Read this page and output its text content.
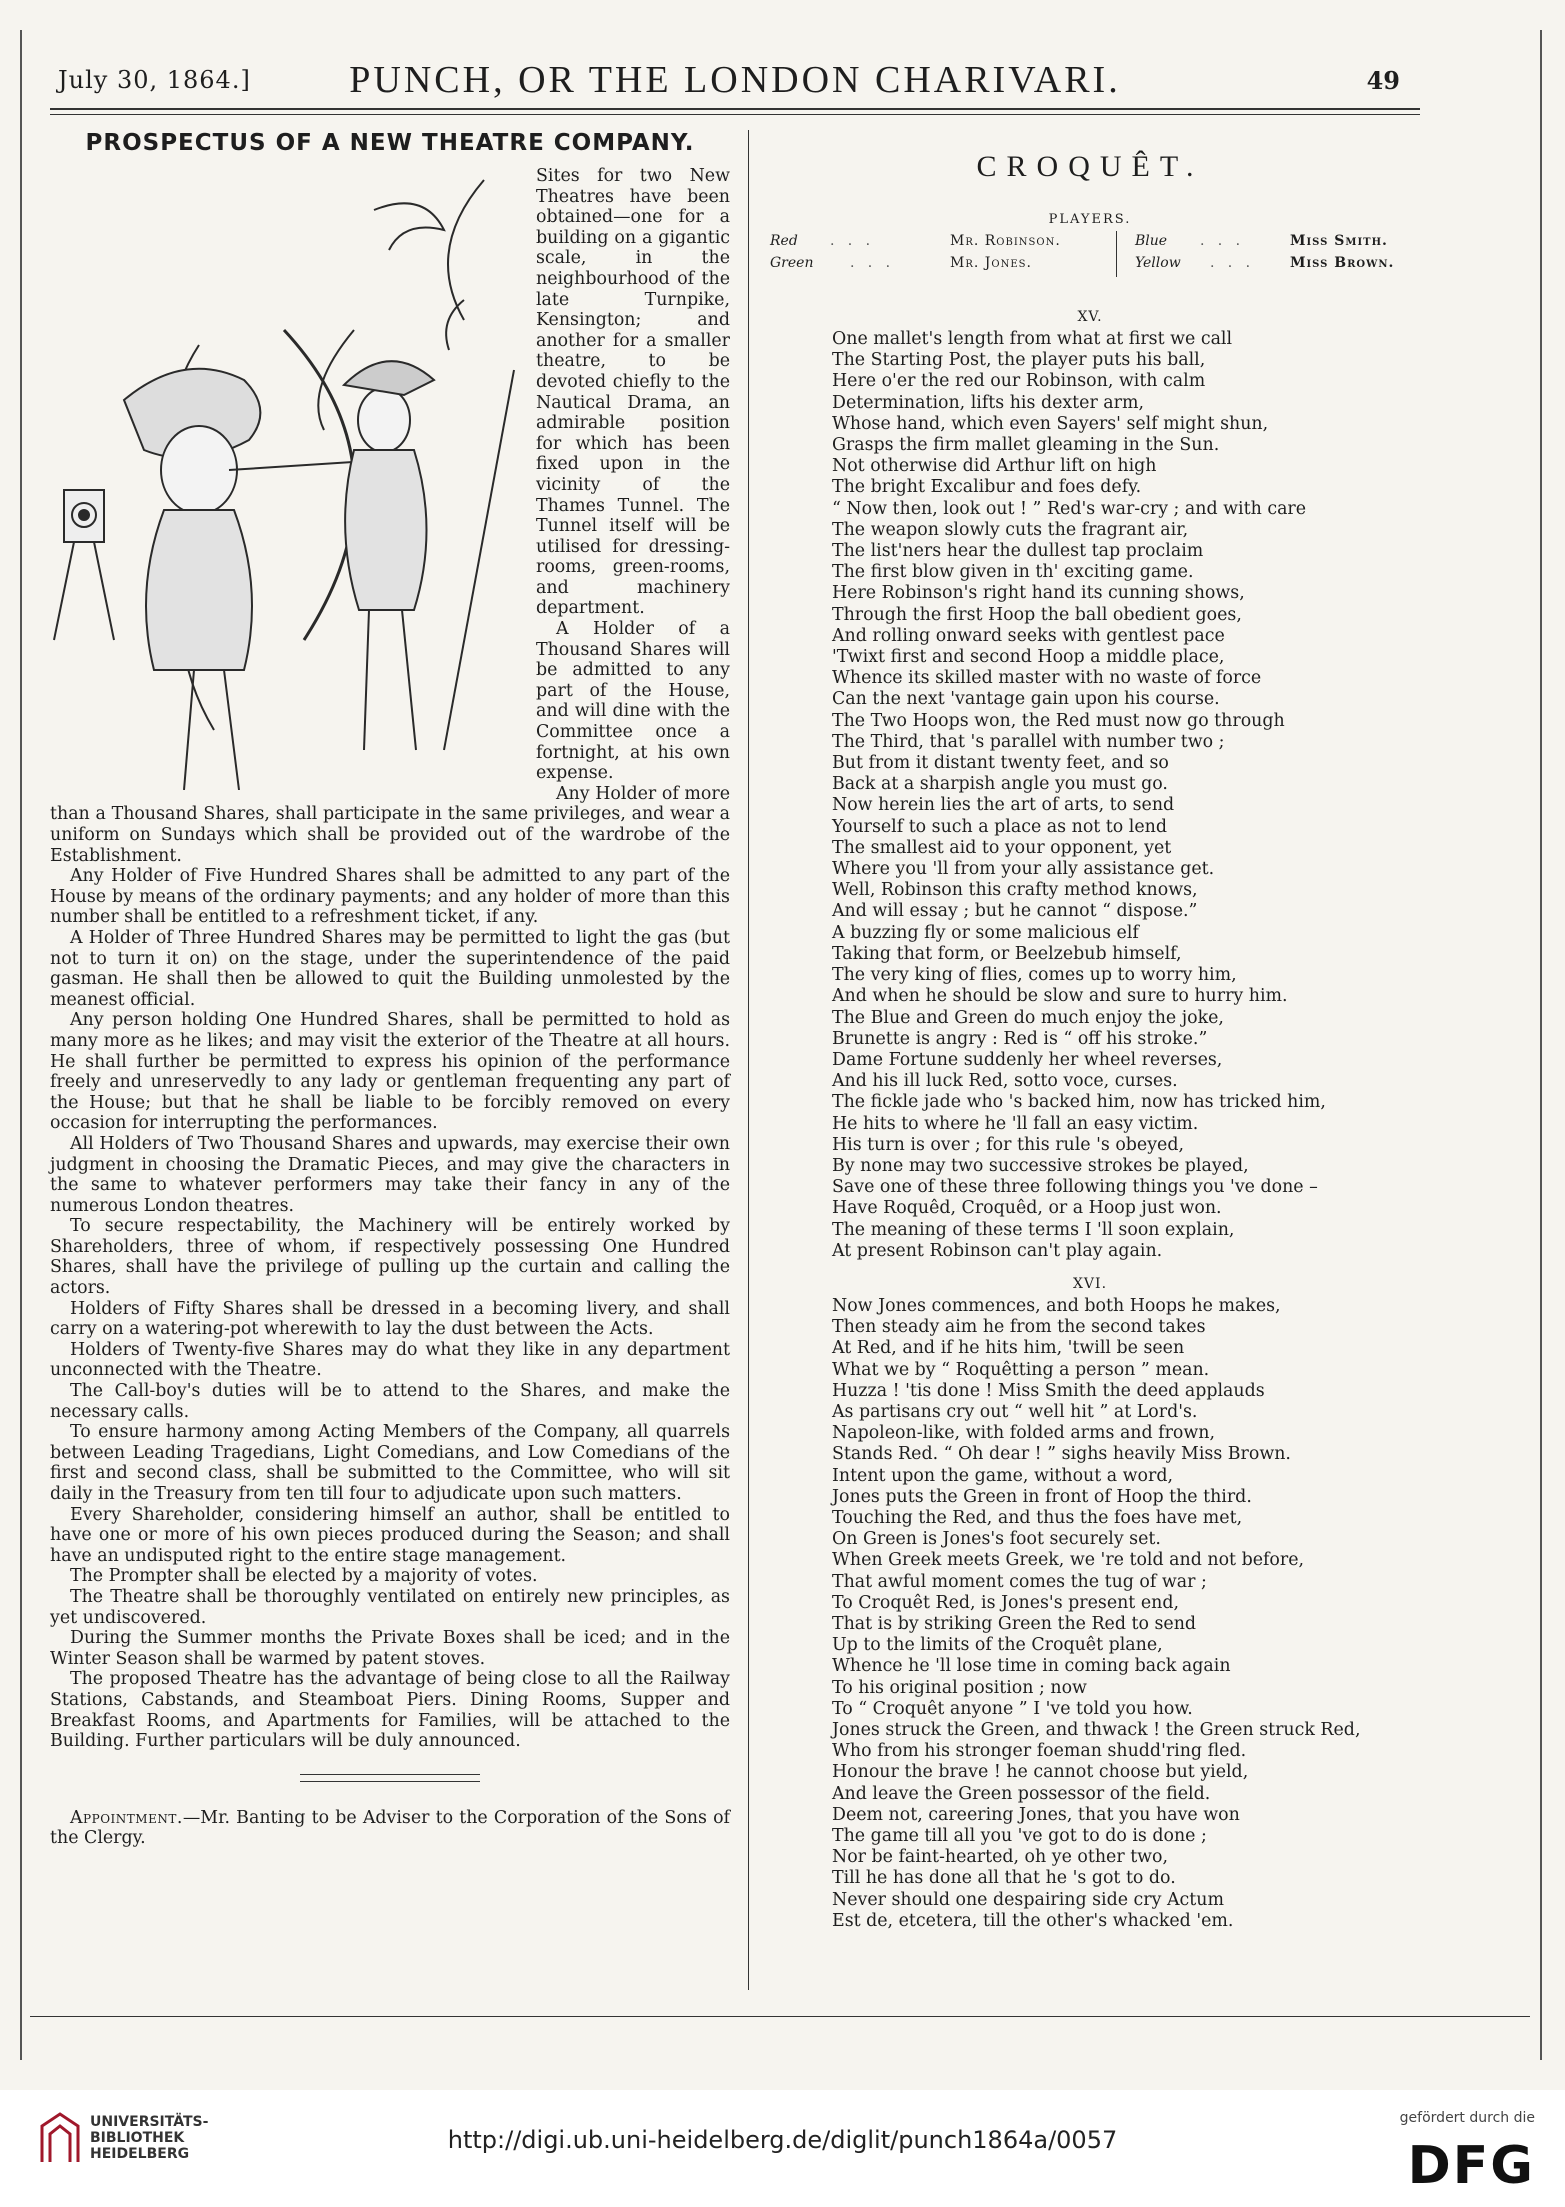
July 30, 1864.]	PUNCH, OR THE LONDON CHARIVARI.	49
PROSPECTUS OF A NEW THEATRE COMPANY.

Sites for two New Theatres have been obtained—one for a building on a gigantic scale, in the neighbourhood of the late Turnpike, Kensington; and another for a smaller theatre, to be devoted chiefly to the Nautical Drama, an admirable position for which has been fixed upon in the vicinity of the Thames Tunnel. The Tunnel itself will be utilised for dressing-rooms, green-rooms, and machinery department.

A Holder of a Thousand Shares will be admitted to any part of the House, and will dine with the Committee once a fortnight, at his own expense.

Any Holder of more than a Thousand Shares, shall participate in the same privileges, and wear a uniform on Sundays which shall be provided out of the wardrobe of the Establishment.

Any Holder of Five Hundred Shares shall be admitted to any part of the House by means of the ordinary payments; and any holder of more than this number shall be entitled to a refreshment ticket, if any.

A Holder of Three Hundred Shares may be permitted to light the gas (but not to turn it on) on the stage, under the superintendence of the paid gasman. He shall then be allowed to quit the Building unmolested by the meanest official.

Any person holding One Hundred Shares, shall be permitted to hold as many more as he likes; and may visit the exterior of the Theatre at all hours. He shall further be permitted to express his opinion of the performance freely and unreservedly to any lady or gentleman frequenting any part of the House; but that he shall be liable to be forcibly removed on every occasion for interrupting the performances.

All Holders of Two Thousand Shares and upwards, may exercise their own judgment in choosing the Dramatic Pieces, and may give the characters in the same to whatever performers may take their fancy in any of the numerous London theatres.

To secure respectability, the Machinery will be entirely worked by Shareholders, three of whom, if respectively possessing One Hundred Shares, shall have the privilege of pulling up the curtain and calling the actors.

Holders of Fifty Shares shall be dressed in a becoming livery, and shall carry on a watering-pot wherewith to lay the dust between the Acts.

Holders of Twenty-five Shares may do what they like in any department unconnected with the Theatre.

The Call-boy's duties will be to attend to the Shares, and make the necessary calls.

To ensure harmony among Acting Members of the Company, all quarrels between Leading Tragedians, Light Comedians, and Low Comedians of the first and second class, shall be submitted to the Committee, who will sit daily in the Treasury from ten till four to adjudicate upon such matters.

Every Shareholder, considering himself an author, shall be entitled to have one or more of his own pieces produced during the Season; and shall have an undisputed right to the entire stage management.

The Prompter shall be elected by a majority of votes.

The Theatre shall be thoroughly ventilated on entirely new principles, as yet undiscovered.

During the Summer months the Private Boxes shall be iced; and in the Winter Season shall be warmed by patent stoves.

The proposed Theatre has the advantage of being close to all the Railway Stations, Cabstands, and Steamboat Piers. Dining Rooms, Supper and Breakfast Rooms, and Apartments for Families, will be attached to the Building. Further particulars will be duly announced.

Appointment.—Mr. Banting to be Adviser to the Corporation of the Sons of the Clergy.

CROQUÊT.
PLAYERS.
Red .   .   .	Mr. Robinson.	Blue .   .   .	Miss Smith.
Green	.   .   .	Mr. Jones.	Yellow .   .   .	Miss Brown.
XV.
One mallet's length from what at first we call
The Starting Post, the player puts his ball,
Here o'er the red our Robinson, with calm
Determination, lifts his dexter arm,
Whose hand, which even Sayers' self might shun,
Grasps the firm mallet gleaming in the Sun.
Not otherwise did Arthur lift on high
The bright Excalibur and foes defy.
“ Now then, look out ! ” Red's war-cry ; and with care
The weapon slowly cuts the fragrant air,
The list'ners hear the dullest tap proclaim
The first blow given in th' exciting game.
Here Robinson's right hand its cunning shows,
Through the first Hoop the ball obedient goes,
And rolling onward seeks with gentlest pace
'Twixt first and second Hoop a middle place,
Whence its skilled master with no waste of force
Can the next 'vantage gain upon his course.
The Two Hoops won, the Red must now go through
The Third, that 's parallel with number two ;
But from it distant twenty feet, and so
Back at a sharpish angle you must go.
Now herein lies the art of arts, to send
Yourself to such a place as not to lend
The smallest aid to your opponent, yet
Where you 'll from your ally assistance get.
Well, Robinson this crafty method knows,
And will essay ; but he cannot “ dispose.”
A buzzing fly or some malicious elf
Taking that form, or Beelzebub himself,
The very king of flies, comes up to worry him,
And when he should be slow and sure to hurry him.
The Blue and Green do much enjoy the joke,
Brunette is angry : Red is “ off his stroke.”
Dame Fortune suddenly her wheel reverses,
And his ill luck Red, sotto voce, curses.
The fickle jade who 's backed him, now has tricked him,
He hits to where he 'll fall an easy victim.
His turn is over ; for this rule 's obeyed,
By none may two successive strokes be played,
Save one of these three following things you 've done –
Have Roquêd, Croquêd, or a Hoop just won.
The meaning of these terms I 'll soon explain,
At present Robinson can't play again.
XVI.
Now Jones commences, and both Hoops he makes,
Then steady aim he from the second takes
At Red, and if he hits him, 'twill be seen
What we by “ Roquêtting a person ” mean.
Huzza ! 'tis done ! Miss Smith the deed applauds
As partisans cry out “ well hit ” at Lord's.
Napoleon-like, with folded arms and frown,
Stands Red. “ Oh dear ! ” sighs heavily Miss Brown.
Intent upon the game, without a word,
Jones puts the Green in front of Hoop the third.
Touching the Red, and thus the foes have met,
On Green is Jones's foot securely set.
When Greek meets Greek, we 're told and not before,
That awful moment comes the tug of war ;
To Croquêt Red, is Jones's present end,
That is by striking Green the Red to send
Up to the limits of the Croquêt plane,
Whence he 'll lose time in coming back again
To his original position ; now
To “ Croquêt anyone ” I 've told you how.
Jones struck the Green, and thwack ! the Green struck Red,
Who from his stronger foeman shudd'ring fled.
Honour the brave ! he cannot choose but yield,
And leave the Green possessor of the field.
Deem not, careering Jones, that you have won
The game till all you 've got to do is done ;
Nor be faint-hearted, oh ye other two,
Till he has done all that he 's got to do.
Never should one despairing side cry Actum
Est de, etcetera, till the other's whacked 'em.
UNIVERSITÄTS-
BIBLIOTHEK
HEIDELBERG	http://digi.ub.uni-heidelberg.de/diglit/punch1864a/0057
gefördert durch die
DFG
